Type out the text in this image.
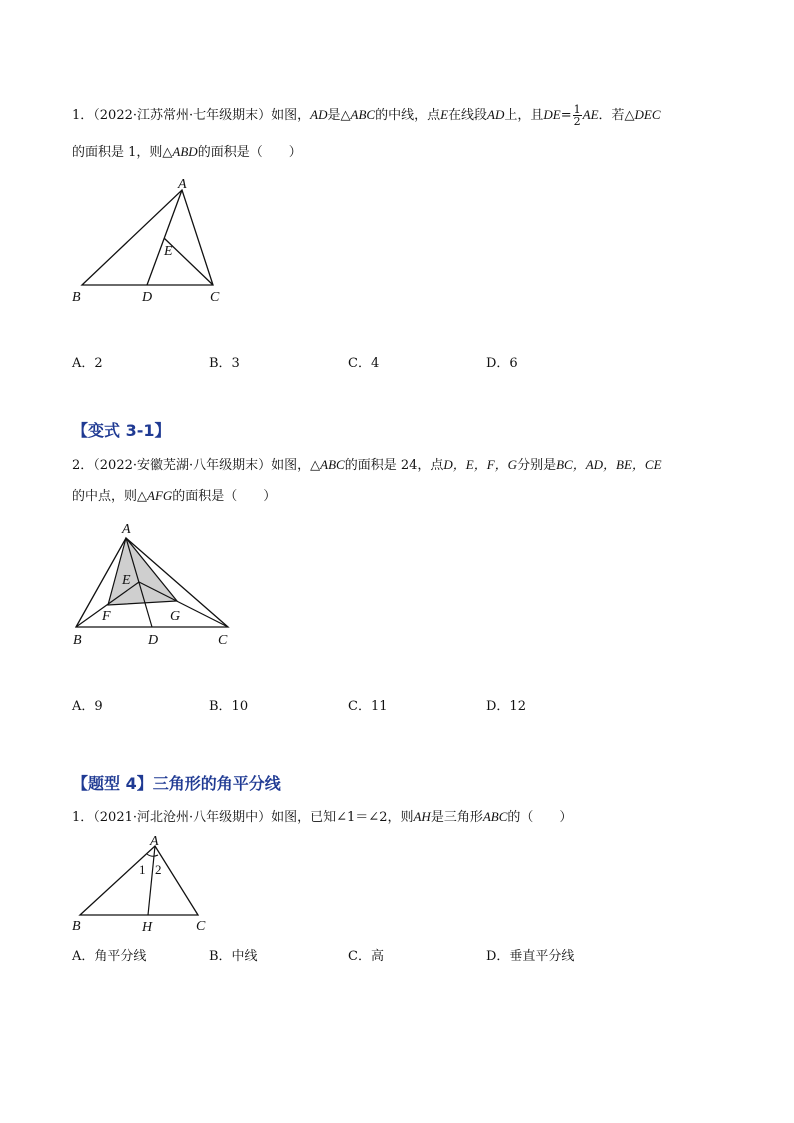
1．（2022·江苏常州·七年级期末）如图，AD是△ABC的中线，点E在线段AD上，且$DE= \frac{1}{2}$ AE．若△DEC
的面积是 1，则△ABD的面积是（　　）
A
B	C
D
E
A．2	B．3	C．4	D．6
【变式 3-1】
2．（2022·安徽芜湖·八年级期末）如图，△ABC的面积是 24，点D，E，F，G分别是BC，AD，BE，CE
的中点，则△AFG的面积是（　　）
A
B	C
D
E
F	G
A．9	B．10	C．11	D．12
【题型 4】三角形的角平分线
1．（2021·河北沧州·八年级期中）如图，已知∠1＝∠2，则AH是三角形ABC的（　　）
A
B	C
H
1 2
A．角平分线	B．中线	C．高	D．垂直平分线
